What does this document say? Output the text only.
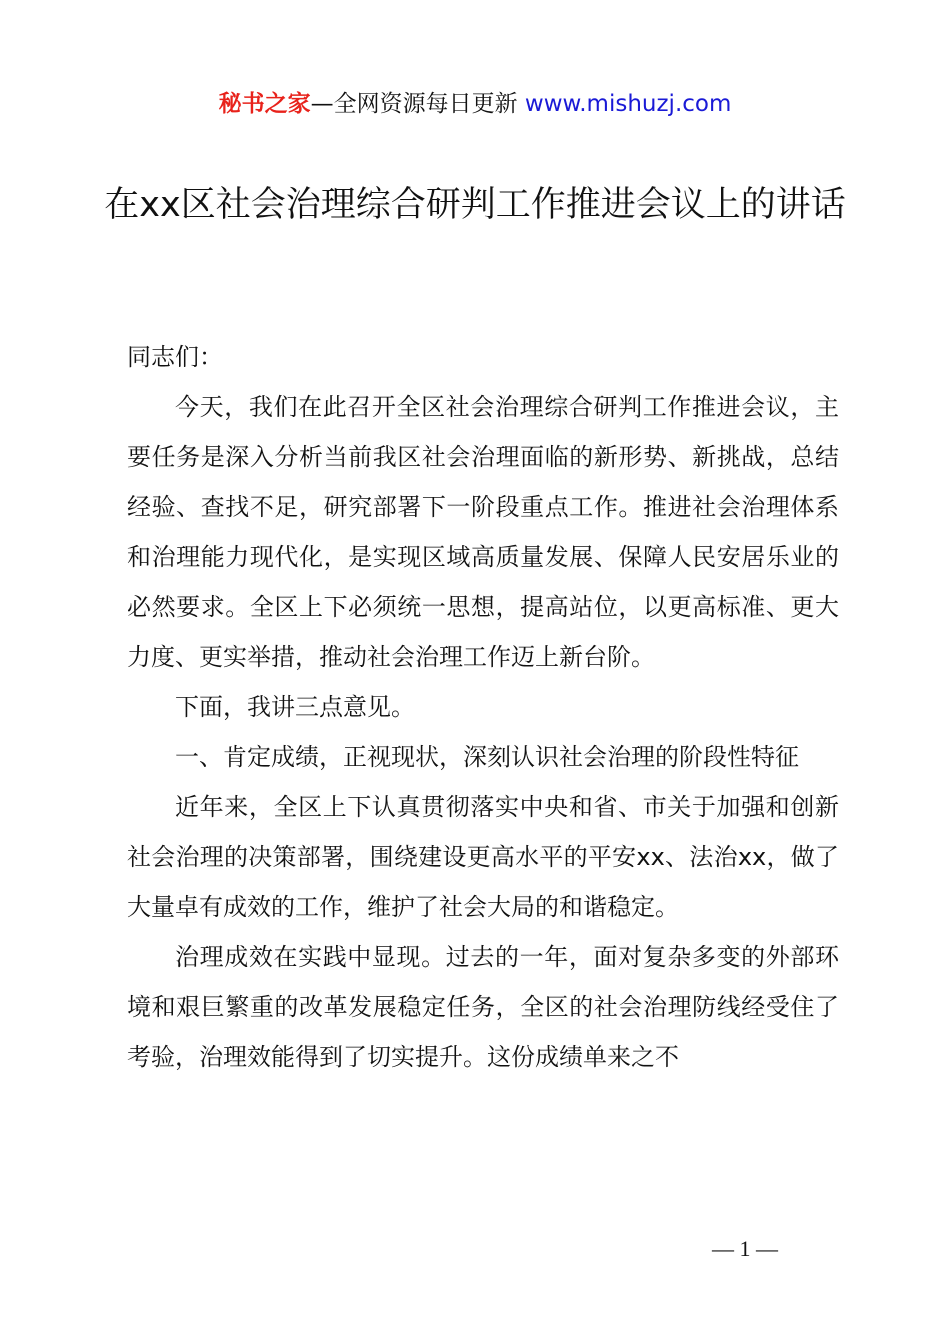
秘书之家—全网资源每日更新 www.mishuzj.com
在xx区社会治理综合研判工作推进会议上的讲话

同志们：

今天，我们在此召开全区社会治理综合研判工作推进会议，主要任务是深入分析当前我区社会治理面临的新形势、新挑战，总结经验、查找不足，研究部署下一阶段重点工作。推进社会治理体系和治理能力现代化，是实现区域高质量发展、保障人民安居乐业的必然要求。全区上下必须统一思想，提高站位，以更高标准、更大力度、更实举措，推动社会治理工作迈上新台阶。

下面，我讲三点意见。

一、肯定成绩，正视现状，深刻认识社会治理的阶段性特征

近年来，全区上下认真贯彻落实中央和省、市关于加强和创新社会治理的决策部署，围绕建设更高水平的平安xx、法治xx，做了大量卓有成效的工作，维护了社会大局的和谐稳定。

治理成效在实践中显现。过去的一年，面对复杂多变的外部环境和艰巨繁重的改革发展稳定任务，全区的社会治理防线经受住了考验，治理效能得到了切实提升。这份成绩单来之不

— 1 —
